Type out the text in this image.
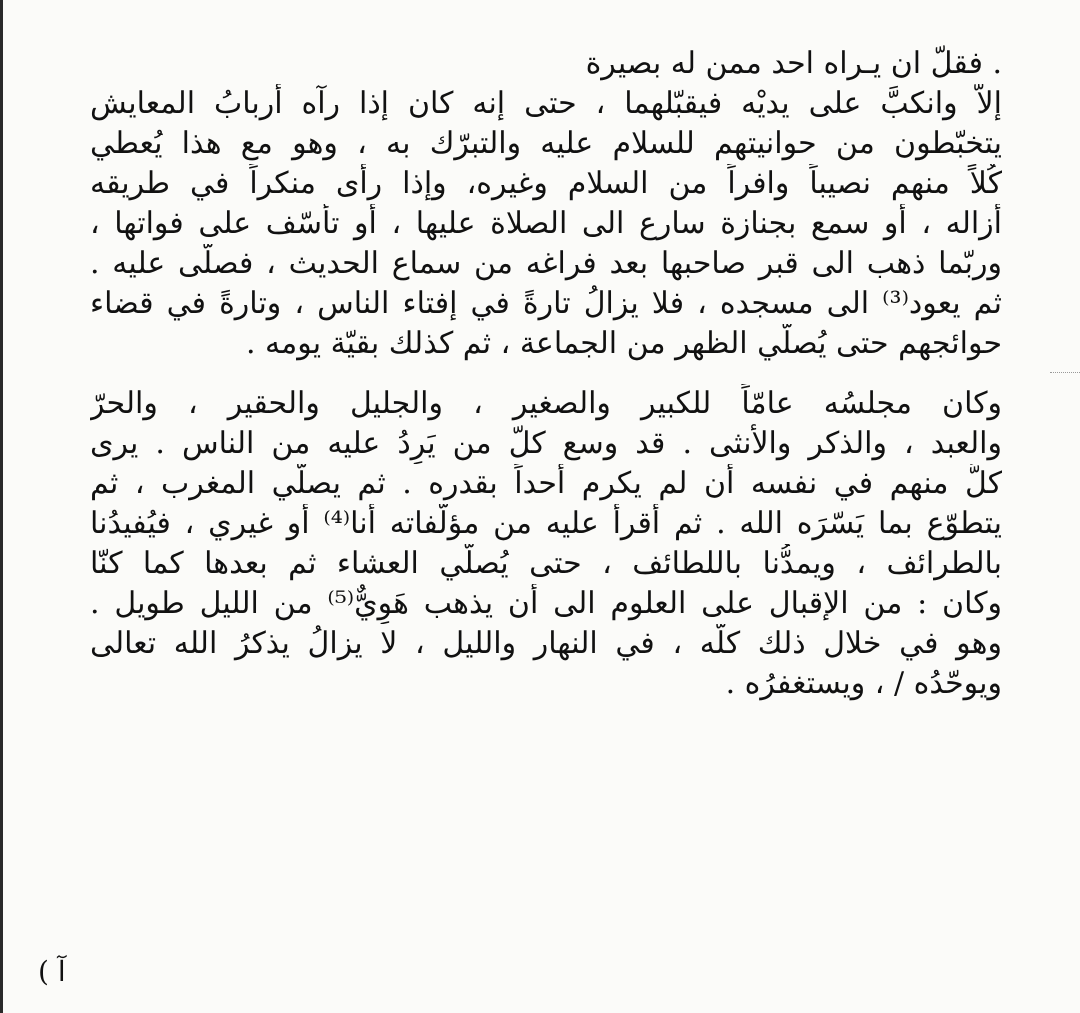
. فقلّ ان يـراه احد ممن له بصيرة
إلاّ وانكبَّ على يديْه فيقبّلهما ، حتى إنه كان إذا رآه أربابُ المعايش
يتخبّطون من حوانيتهم للسلام عليه والتبرّك به ، وهو مع هذا يُعطي
كُلاً منهم نصيباً وافراً من السلام وغيره، وإذا رأى منكراً في طريقه
أزاله ، أو سمع بجنازة سارع الى الصلاة عليها ، أو تأسّف على فواتها ،
وربّما ذهب الى قبر صاحبها بعد فراغه من سماع الحديث ، فصلّى عليه .
ثم يعود⁽³⁾ الى مسجده ، فلا يزالُ تارةً في إفتاء الناس ، وتارةً في قضاء
حوائجهم حتى يُصلّي الظهر من الجماعة ، ثم كذلك بقيّة يومه .
وكان مجلسُه عامّاً للكبير والصغير ، والجليل والحقير ، والحرّ
والعبد ، والذكر والأنثى . قد وسع كلّ من يَرِدُ عليه من الناس . يرى
كلُّ منهم في نفسه أن لم يكرم أحداً بقدره . ثم يصلّي المغرب ، ثم
يتطوّع بما يَسّرَه الله . ثم أقرأُ عليه من مؤلّفاته أنا⁽⁴⁾ أو غيري ، فيُفيدُنا
بالطرائف ، ويمدُّنا باللطائف ، حتى يُصلّي العشاء ثم بعدها كما كنّا
وكان : من الإقبال على العلوم الى أن يذهب هَوِيٌّ⁽⁵⁾ من الليل طويل .
وهو في خلال ذلك كلّه ، في النهار والليل ، لا يزالُ يذكرُ الله تعالى
ويوحّدُه / ، ويستغفرُه .
آ )
